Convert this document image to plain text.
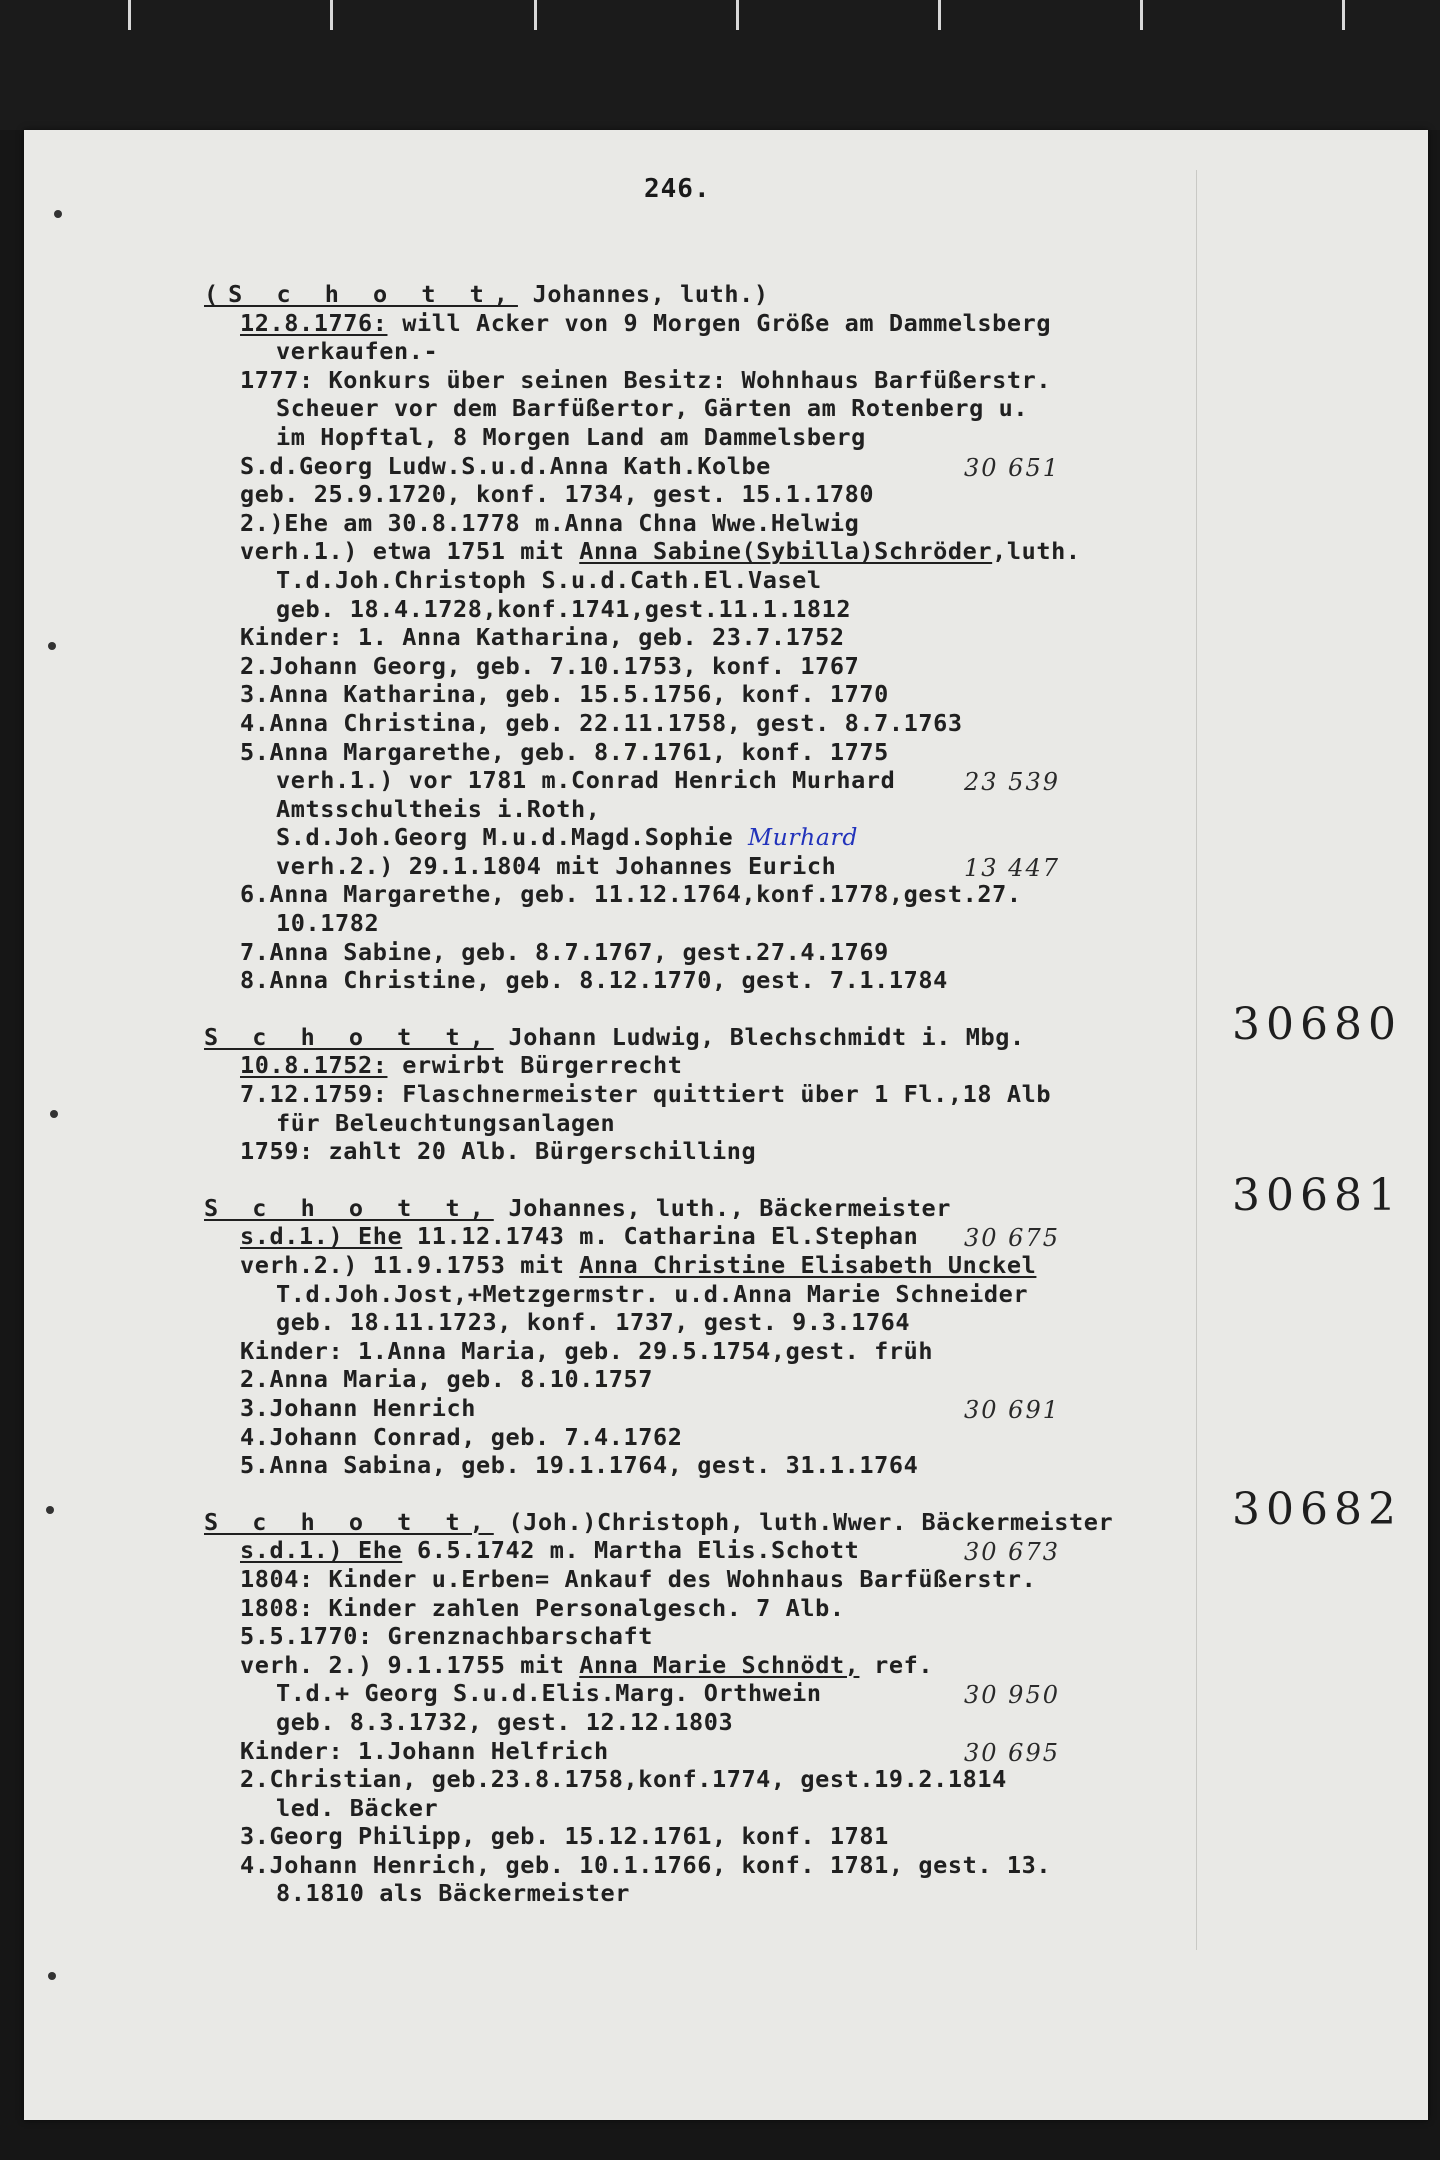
246.
(S c h o t t, Johannes, luth.)
12.8.1776: will Acker von 9 Morgen Größe am Dammelsberg
verkaufen.-
1777: Konkurs über seinen Besitz: Wohnhaus Barfüßerstr.
Scheuer vor dem Barfüßertor, Gärten am Rotenberg u.
im Hopftal, 8 Morgen Land am Dammelsberg
S.d.Georg Ludw.S.u.d.Anna Kath.Kolbe	30 651
geb. 25.9.1720, konf. 1734, gest. 15.1.1780
2.)Ehe am 30.8.1778 m.Anna Chna Wwe.Helwig
verh.1.) etwa 1751 mit Anna Sabine(Sybilla)Schröder,luth.
T.d.Joh.Christoph S.u.d.Cath.El.Vasel
geb. 18.4.1728,konf.1741,gest.11.1.1812
Kinder: 1. Anna Katharina, geb. 23.7.1752
2.Johann Georg, geb. 7.10.1753, konf. 1767
3.Anna Katharina, geb. 15.5.1756, konf. 1770
4.Anna Christina, geb. 22.11.1758, gest. 8.7.1763
5.Anna Margarethe, geb. 8.7.1761, konf. 1775
verh.1.) vor 1781 m.Conrad Henrich Murhard	23 539
Amtsschultheis i.Roth,
S.d.Joh.Georg M.u.d.Magd.Sophie Murhard
verh.2.) 29.1.1804 mit Johannes Eurich	13 447
6.Anna Margarethe, geb. 11.12.1764,konf.1778,gest.27.
10.1782
7.Anna Sabine, geb. 8.7.1767, gest.27.4.1769
8.Anna Christine, geb. 8.12.1770, gest. 7.1.1784
30680
S c h o t t, Johann Ludwig, Blechschmidt i. Mbg.
10.8.1752: erwirbt Bürgerrecht
7.12.1759: Flaschnermeister quittiert über 1 Fl.,18 Alb
für Beleuchtungsanlagen
1759: zahlt 20 Alb. Bürgerschilling
30681
S c h o t t, Johannes, luth., Bäckermeister
s.d.1.) Ehe 11.12.1743 m. Catharina El.Stephan 30 675
verh.2.) 11.9.1753 mit Anna Christine Elisabeth Unckel
T.d.Joh.Jost,+Metzgermstr. u.d.Anna Marie Schneider
geb. 18.11.1723, konf. 1737, gest. 9.3.1764
Kinder: 1.Anna Maria, geb. 29.5.1754,gest. früh
2.Anna Maria, geb. 8.10.1757
3.Johann Henrich	30 691
4.Johann Conrad, geb. 7.4.1762
5.Anna Sabina, geb. 19.1.1764, gest. 31.1.1764
30682
S c h o t t, (Joh.)Christoph, luth.Wwer. Bäckermeister
s.d.1.) Ehe 6.5.1742 m. Martha Elis.Schott	30 673
1804: Kinder u.Erben= Ankauf des Wohnhaus Barfüßerstr.
1808: Kinder zahlen Personalgesch. 7 Alb.
5.5.1770: Grenznachbarschaft
verh. 2.) 9.1.1755 mit Anna Marie Schnödt, ref.
T.d.+ Georg S.u.d.Elis.Marg. Orthwein	30 950
geb. 8.3.1732, gest. 12.12.1803
Kinder: 1.Johann Helfrich	30 695
2.Christian, geb.23.8.1758,konf.1774, gest.19.2.1814
led. Bäcker
3.Georg Philipp, geb. 15.12.1761, konf. 1781
4.Johann Henrich, geb. 10.1.1766, konf. 1781, gest. 13.
8.1810 als Bäckermeister
